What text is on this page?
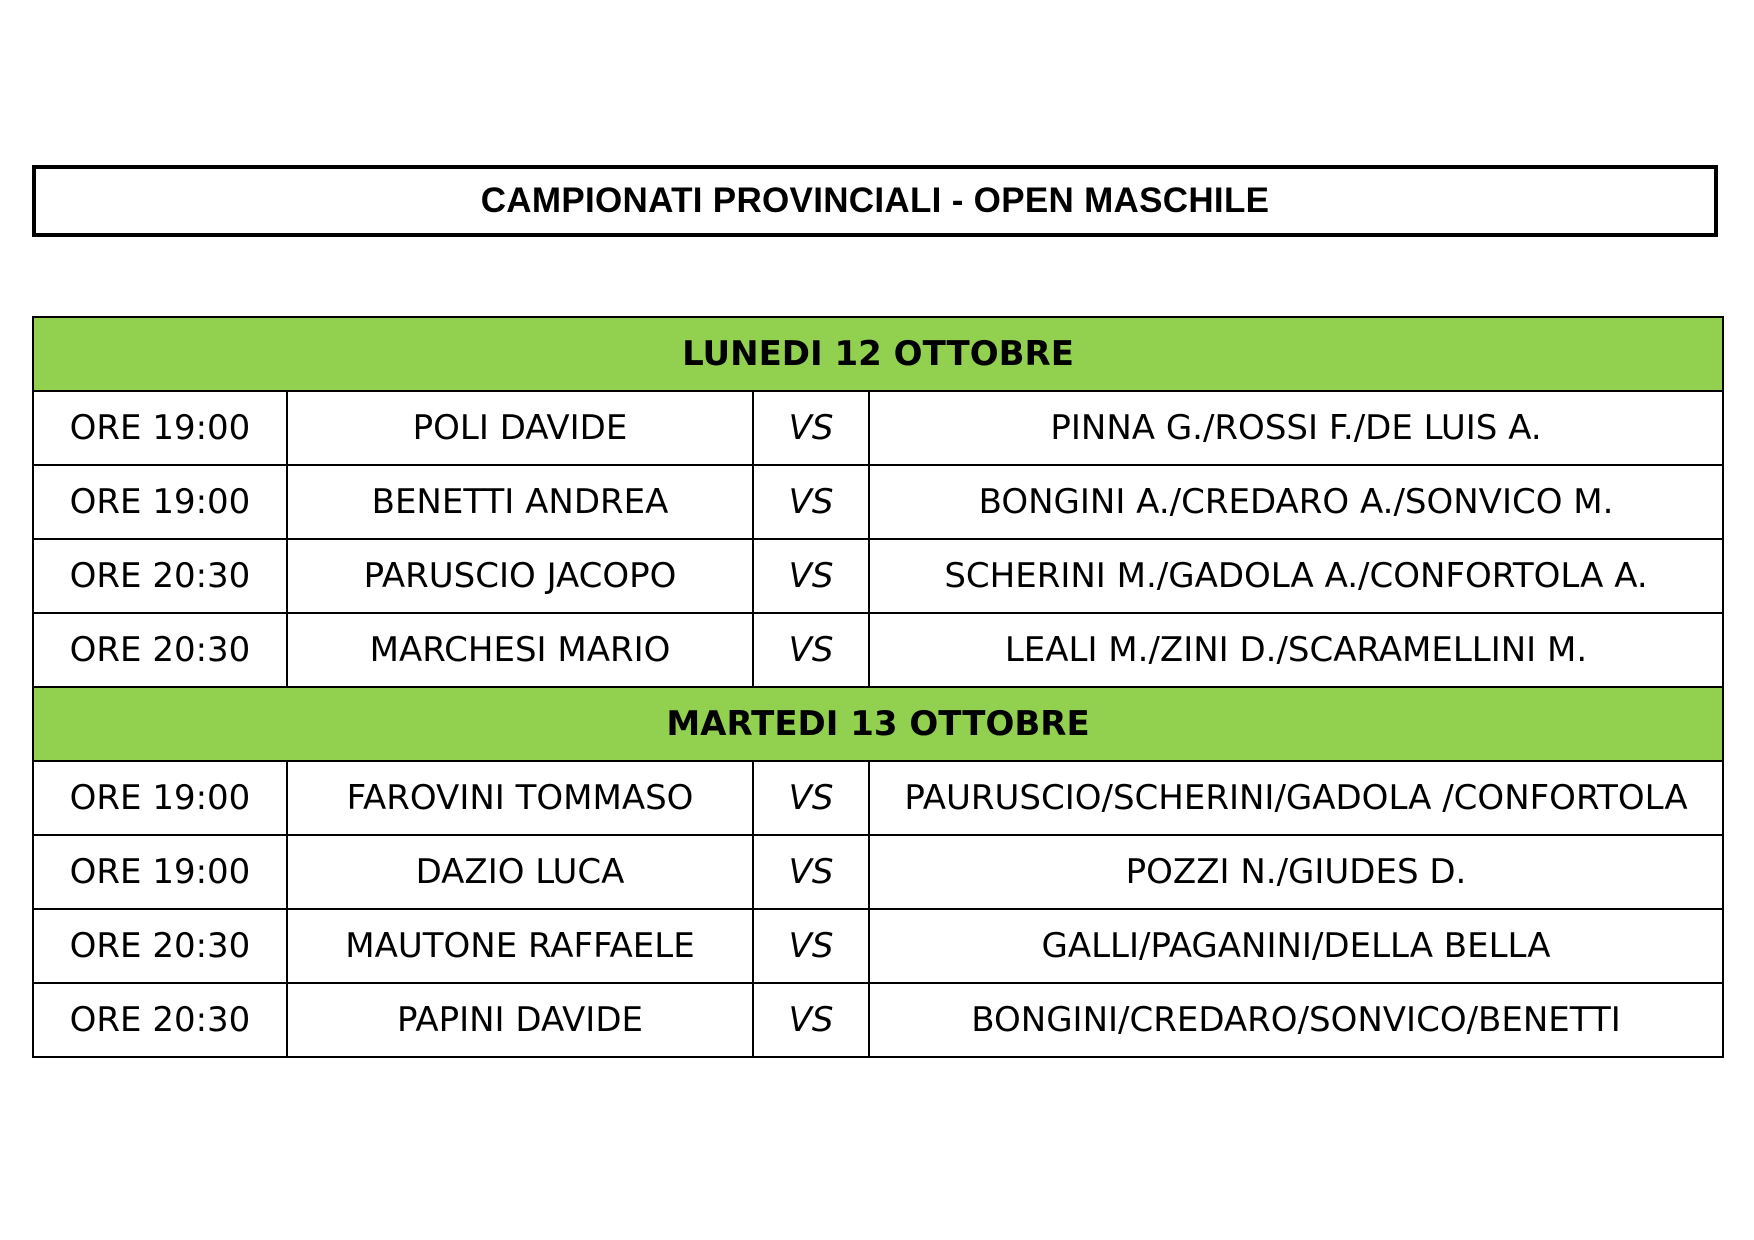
CAMPIONATI PROVINCIALI - OPEN MASCHILE
LUNEDI 12 OTTOBRE			
ORE 19:00	POLI DAVIDE	VS	PINNA G./ROSSI F./DE LUIS A.
ORE 19:00	BENETTI ANDREA	VS	BONGINI A./CREDARO A./SONVICO M.
ORE 20:30	PARUSCIO JACOPO	VS	SCHERINI M./GADOLA A./CONFORTOLA A.
ORE 20:30	MARCHESI MARIO	VS	LEALI M./ZINI D./SCARAMELLINI M.
MARTEDI 13 OTTOBRE			
ORE 19:00	FAROVINI TOMMASO	VS	PAURUSCIO/SCHERINI/GADOLA /CONFORTOLA
ORE 19:00	DAZIO LUCA	VS	POZZI N./GIUDES D.
ORE 20:30	MAUTONE RAFFAELE	VS	GALLI/PAGANINI/DELLA BELLA
ORE 20:30	PAPINI DAVIDE	VS	BONGINI/CREDARO/SONVICO/BENETTI
